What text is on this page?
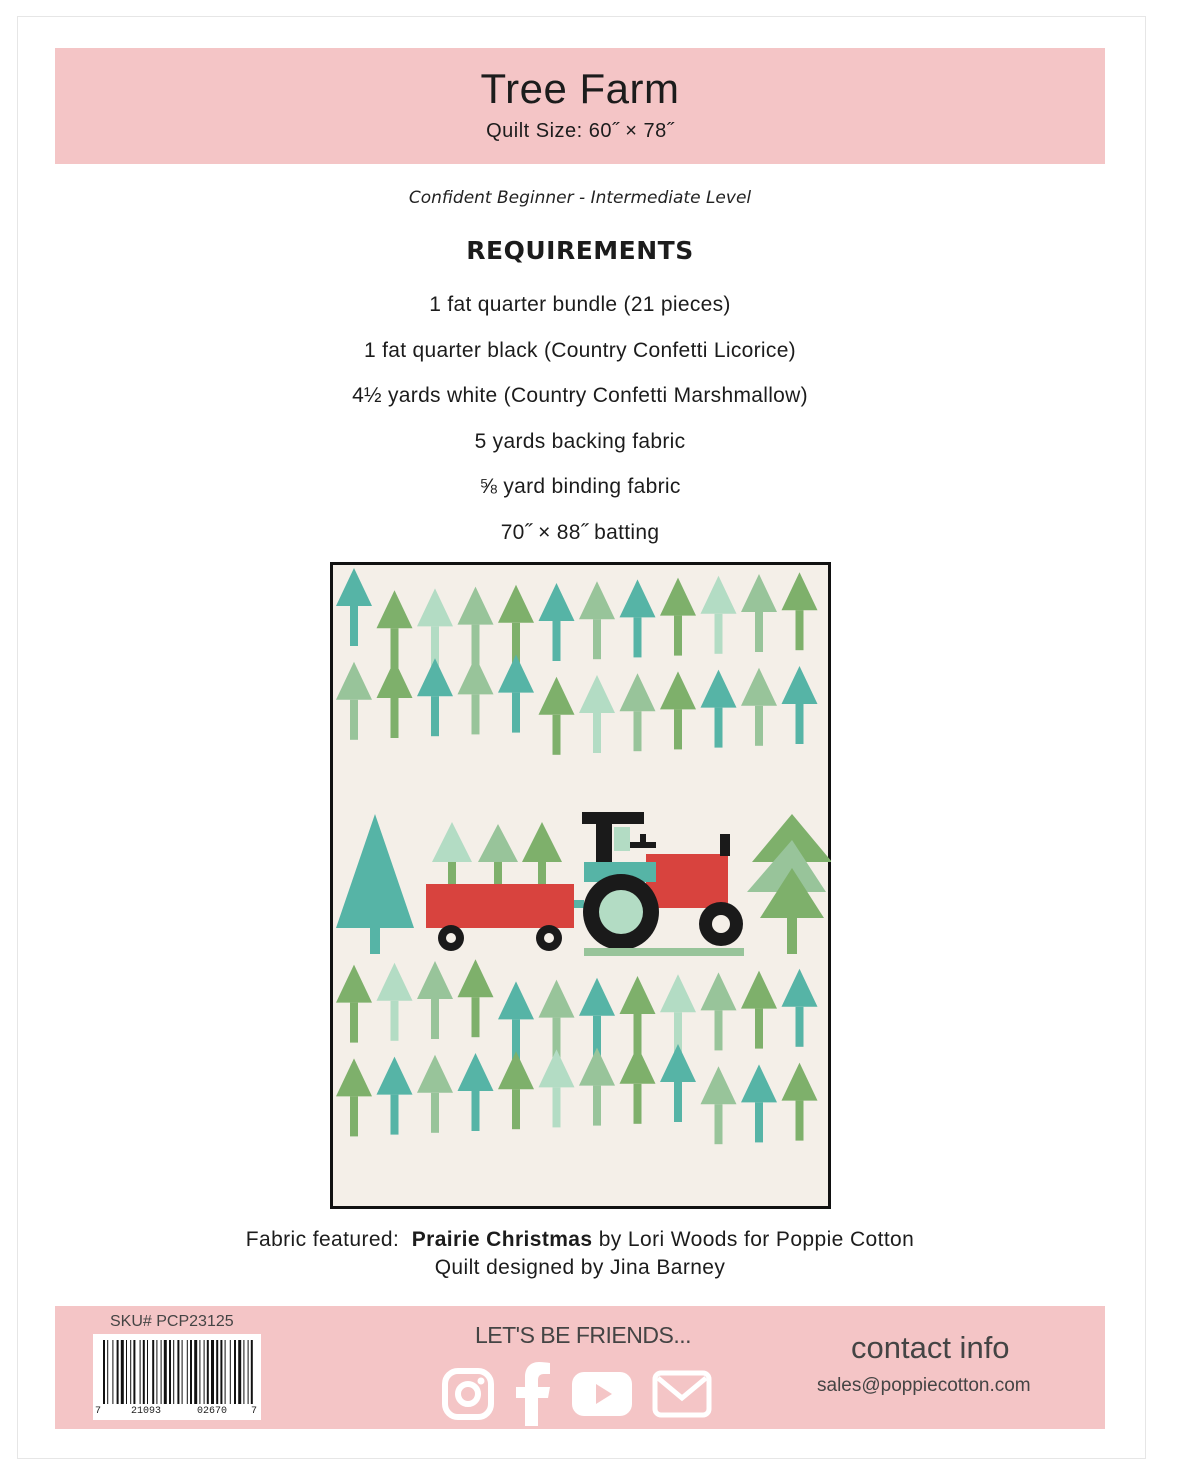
Tree Farm
Quilt Size: 60˝ × 78˝
Confident Beginner - Intermediate Level
REQUIREMENTS
1 fat quarter bundle (21 pieces)
1 fat quarter black (Country Confetti Licorice)
4½ yards white (Country Confetti Marshmallow)
5 yards backing fabric
⅝ yard binding fabric
70˝ × 88˝ batting
Fabric featured: Prairie Christmas by Lori Woods for Poppie Cotton
Quilt designed by Jina Barney
SKU# PCP23125
7	21093	02670 7
LET'S BE FRIENDS...	contact info
sales@poppiecotton.com
